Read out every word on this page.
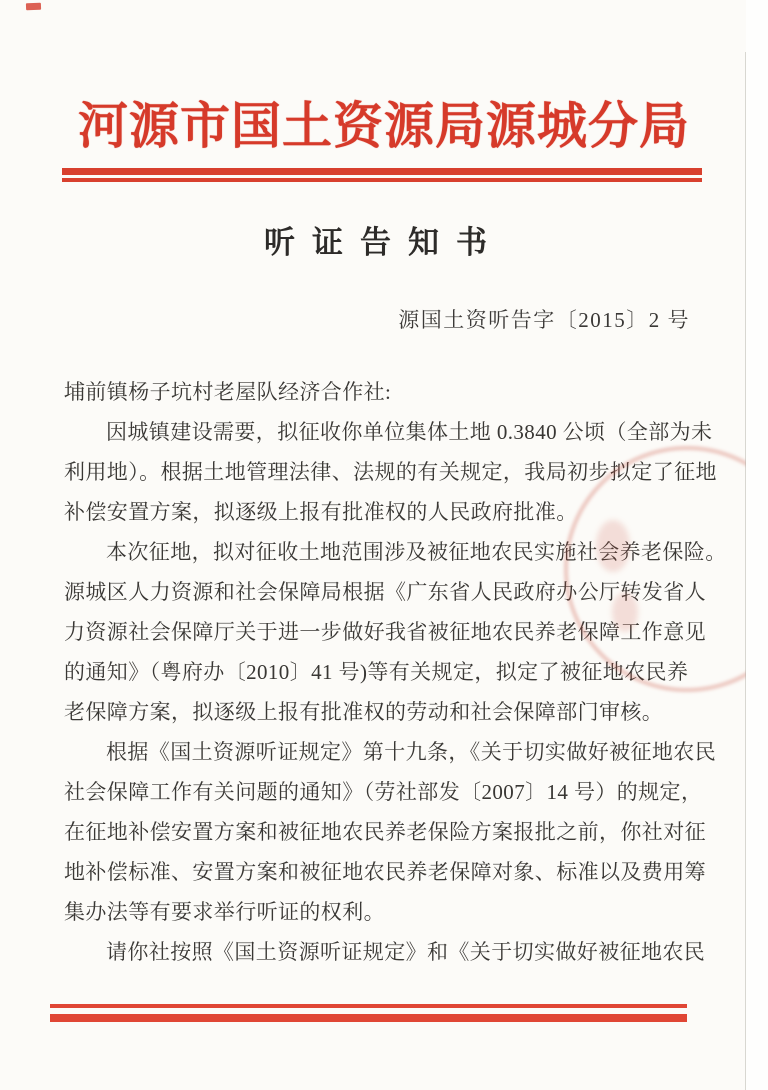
河源市国土资源局源城分局
听证告知书
源国土资听告字〔2015〕2 号
埔前镇杨子坑村老屋队经济合作社:
因城镇建设需要，拟征收你单位集体土地 0.3840 公顷（全部为未
利用地）。根据土地管理法律、法规的有关规定，我局初步拟定了征地
补偿安置方案，拟逐级上报有批准权的人民政府批准。
本次征地，拟对征收土地范围涉及被征地农民实施社会养老保险。
源城区人力资源和社会保障局根据《广东省人民政府办公厅转发省人
力资源社会保障厅关于进一步做好我省被征地农民养老保障工作意见
的通知》（粤府办〔2010〕41 号)等有关规定，拟定了被征地农民养
老保障方案，拟逐级上报有批准权的劳动和社会保障部门审核。
根据《国土资源听证规定》第十九条，《关于切实做好被征地农民
社会保障工作有关问题的通知》（劳社部发〔2007〕14 号）的规定，
在征地补偿安置方案和被征地农民养老保险方案报批之前，你社对征
地补偿标准、安置方案和被征地农民养老保障对象、标准以及费用筹
集办法等有要求举行听证的权利。
请你社按照《国土资源听证规定》和《关于切实做好被征地农民
